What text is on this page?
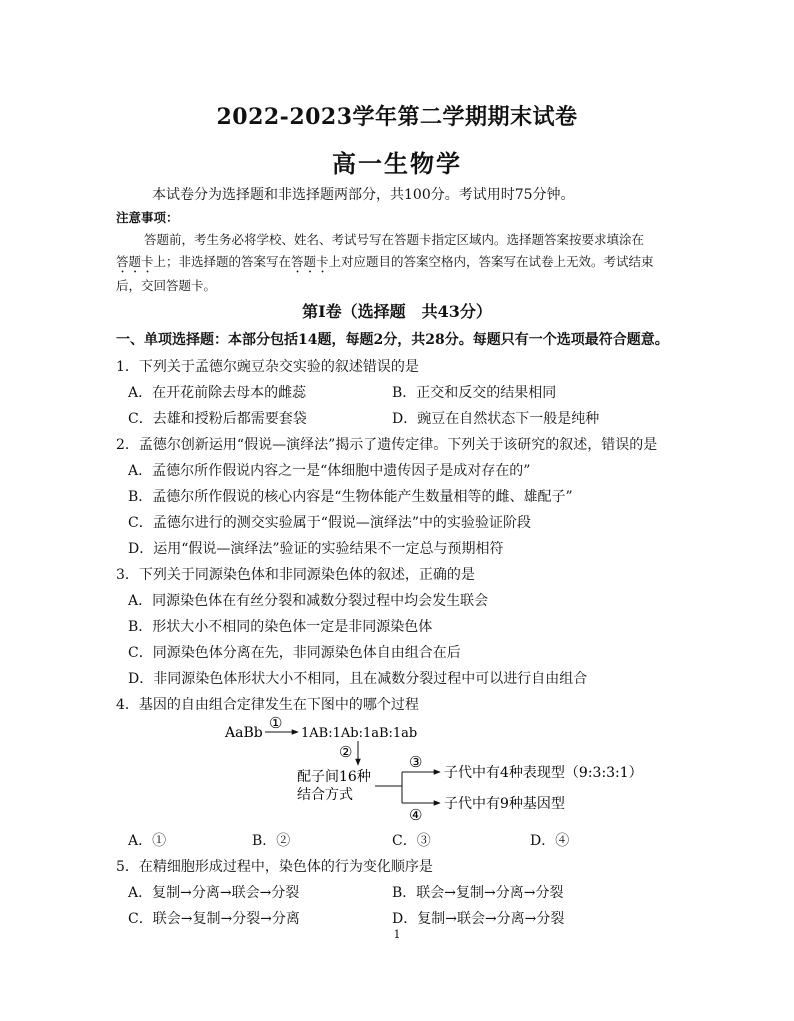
2022-2023学年第二学期期末试卷
高一生物学
本试卷分为选择题和非选择题两部分，共100分。考试用时75分钟。
注意事项：
答题前，考生务必将学校、姓名、考试号写在答题卡指定区域内。选择题答案按要求填涂在
答题卡上；非选择题的答案写在答题卡上对应题目的答案空格内，答案写在试卷上无效。考试结束
后，交回答题卡。
第Ⅰ卷（选择题　共43分）
一、单项选择题：本部分包括14题，每题2分，共28分。每题只有一个选项最符合题意。
1．下列关于孟德尔豌豆杂交实验的叙述错误的是
A．在开花前除去母本的雌蕊	B．正交和反交的结果相同
C．去雄和授粉后都需要套袋	D．豌豆在自然状态下一般是纯种
2．孟德尔创新运用“假说—演绎法”揭示了遗传定律。下列关于该研究的叙述，错误的是
A．孟德尔所作假说内容之一是“体细胞中遗传因子是成对存在的”
B．孟德尔所作假说的核心内容是“生物体能产生数量相等的雌、雄配子”
C．孟德尔进行的测交实验属于“假说—演绎法”中的实验验证阶段
D．运用“假说—演绎法”验证的实验结果不一定总与预期相符
3．下列关于同源染色体和非同源染色体的叙述，正确的是
A．同源染色体在有丝分裂和减数分裂过程中均会发生联会
B．形状大小不相同的染色体一定是非同源染色体
C．同源染色体分离在先，非同源染色体自由组合在后
D．非同源染色体形状大小不相同，且在减数分裂过程中可以进行自由组合
4．基因的自由组合定律发生在下图中的哪个过程
AaBb
①
1AB:1Ab:1aB:1ab
②
配子间16种
结合方式
③
④
子代中有4种表现型（9:3:3:1）
子代中有9种基因型
A．①	B．②	C．③	D．④
5．在精细胞形成过程中，染色体的行为变化顺序是
A．复制→分离→联会→分裂	B．联会→复制→分离→分裂
C．联会→复制→分裂→分离	D．复制→联会→分离→分裂
1
